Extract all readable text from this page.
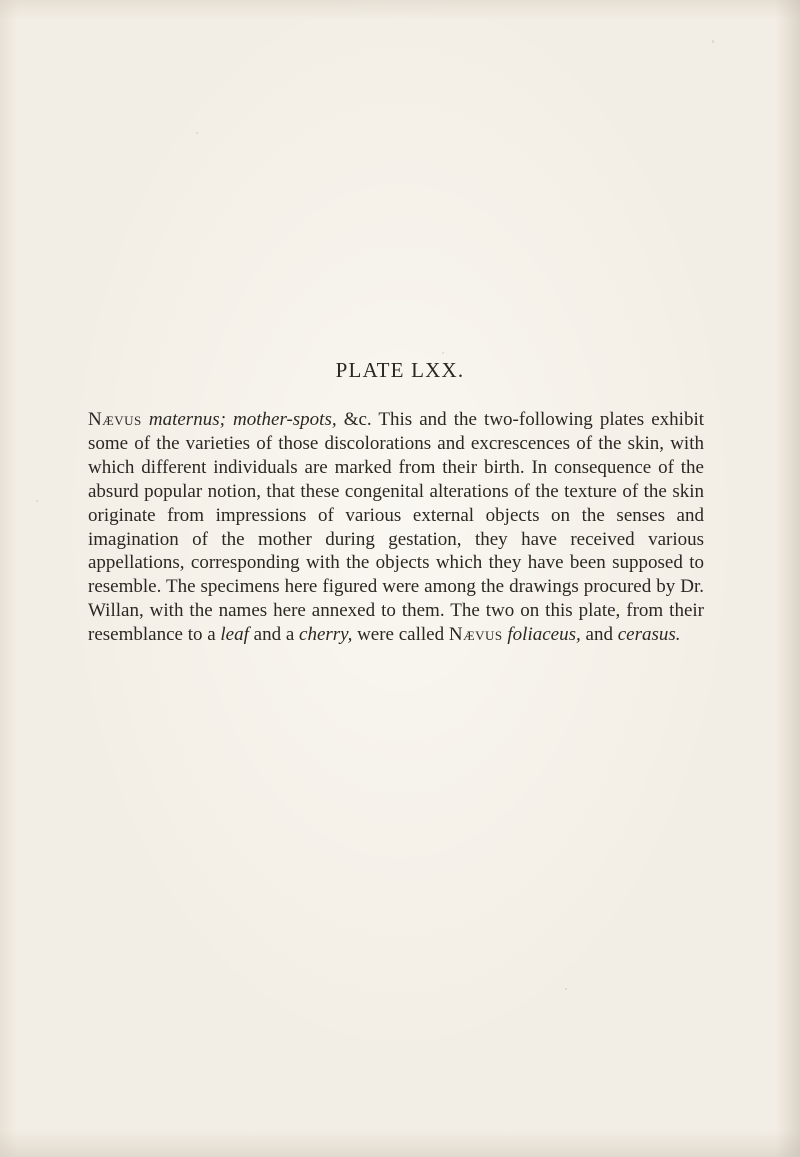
PLATE LXX.

Nævus maternus; mother-spots, &c. This and the two-following plates exhibit some of the varieties of those discolorations and excrescences of the skin, with which different individuals are marked from their birth. In consequence of the absurd popular notion, that these congenital alterations of the texture of the skin originate from impressions of various external objects on the senses and imagination of the mother during gestation, they have received various appellations, corresponding with the objects which they have been supposed to resemble. The specimens here figured were among the drawings procured by Dr. Willan, with the names here annexed to them. The two on this plate, from their resemblance to a leaf and a cherry, were called Nævus foliaceus, and cerasus.
